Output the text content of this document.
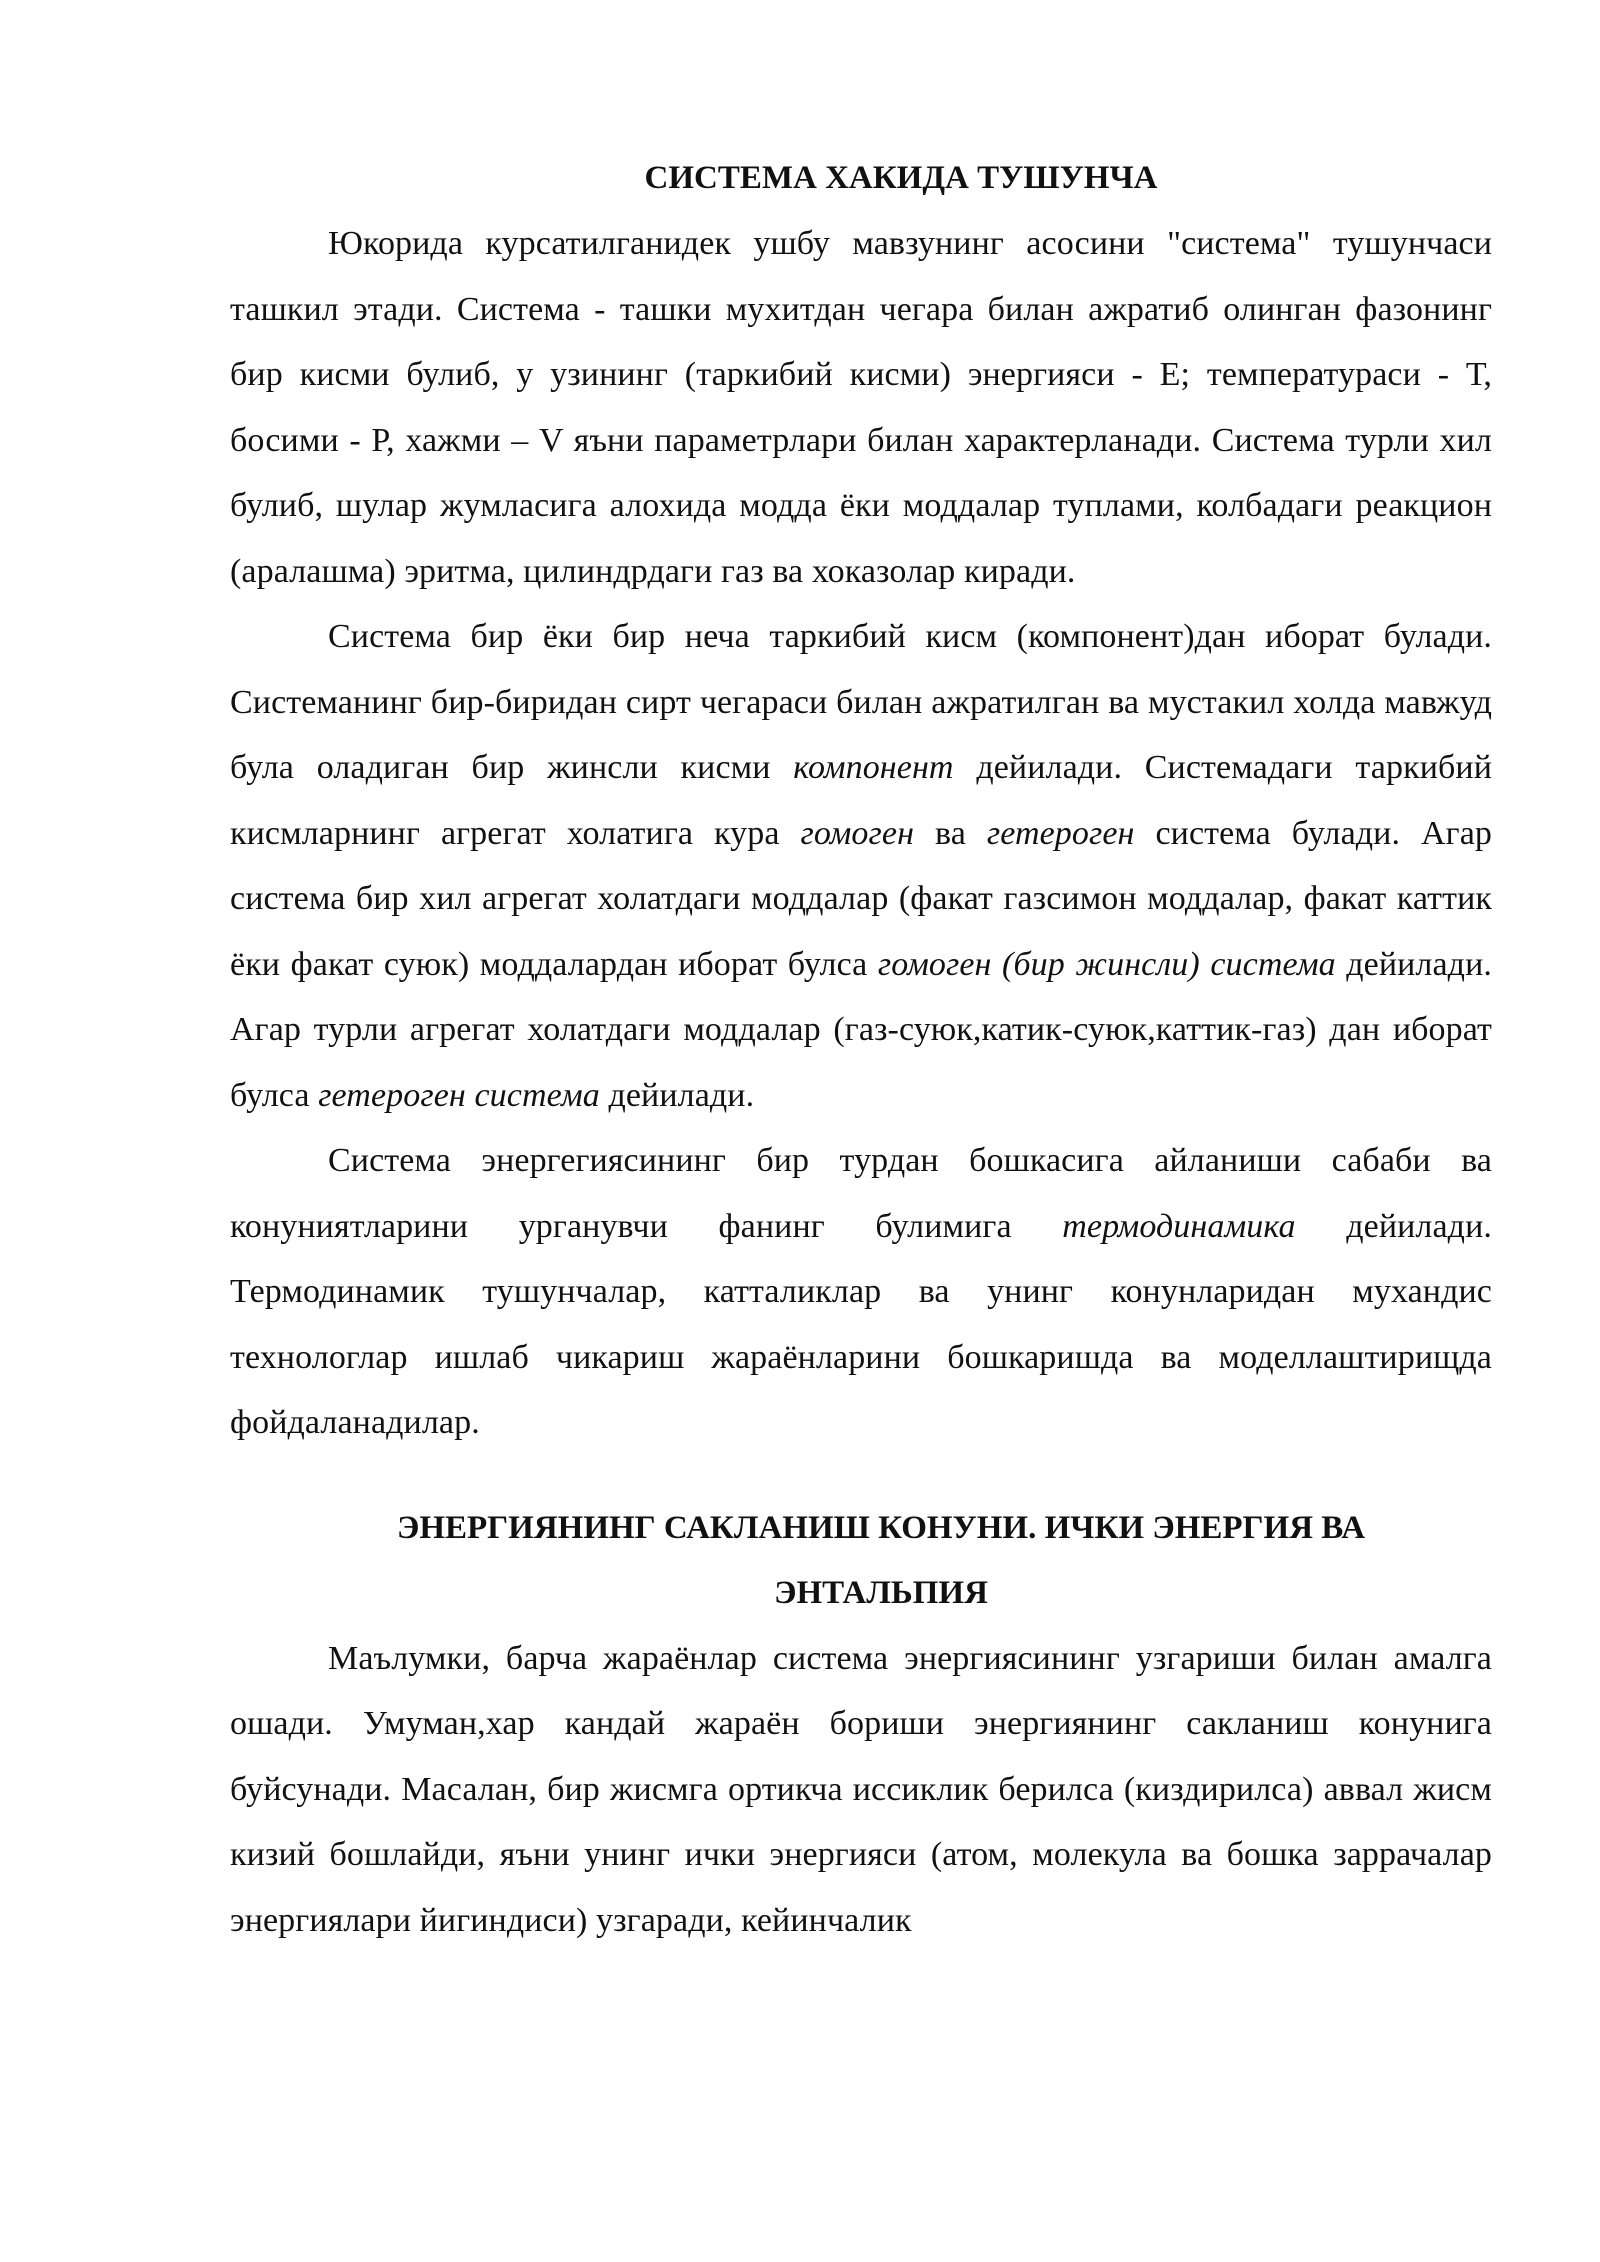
СИСТЕМА ХАКИДА ТУШУНЧА

Юкорида курсатилганидек ушбу мавзунинг асосини "система" тушунчаси ташкил этади. Система - ташки мухитдан чегара билан ажратиб олинган фазонинг бир кисми булиб, у узининг (таркибий кисми) энергияси - Е; температураси - Т, босими - Р, хажми – V яъни параметрлари билан характерланади. Система турли хил булиб, шулар жумласига алохида модда ёки моддалар туплами, колбадаги реакцион (аралашма) эритма, цилиндрдаги газ ва хоказолар киради.

Система бир ёки бир неча таркибий кисм (компонент)дан иборат булади. Системанинг бир-биридан сирт чегараси билан ажратилган ва мустакил холда мавжуд була оладиган бир жинсли кисми компонент дейилади. Системадаги таркибий кисмларнинг агрегат холатига кура гомоген ва гетероген система булади. Агар система бир хил агрегат холатдаги моддалар (факат газсимон моддалар, факат каттик ёки факат суюк) моддалардан иборат булса гомоген (бир жинсли) система дейилади. Агар турли агрегат холатдаги моддалар (газ-суюк,катик-суюк,каттик-газ) дан иборат булса гетероген система дейилади.

Система энергегиясининг бир турдан бошкасига айланиши сабаби ва конуниятларини урганувчи фанинг булимига термодинамика дейилади. Термодинамик тушунчалар, катталиклар ва унинг конунларидан мухандис технологлар ишлаб чикариш жараёнларини бошкаришда ва моделлаштирищда фойдаланадилар.

ЭНЕРГИЯНИНГ САКЛАНИШ КОНУНИ. ИЧКИ ЭНЕРГИЯ ВА
ЭНТАЛЬПИЯ

Маълумки, барча жараёнлар система энергиясининг узгариши билан амалга ошади. Умуман,хар кандай жараён бориши энергиянинг сакланиш конунига буйсунади. Масалан, бир жисмга ортикча иссиклик берилса (киздирилса) аввал жисм кизий бошлайди, яъни унинг ички энергияси (атом, молекула ва бошка заррачалар энергиялари йигиндиси) узгаради, кейинчалик
